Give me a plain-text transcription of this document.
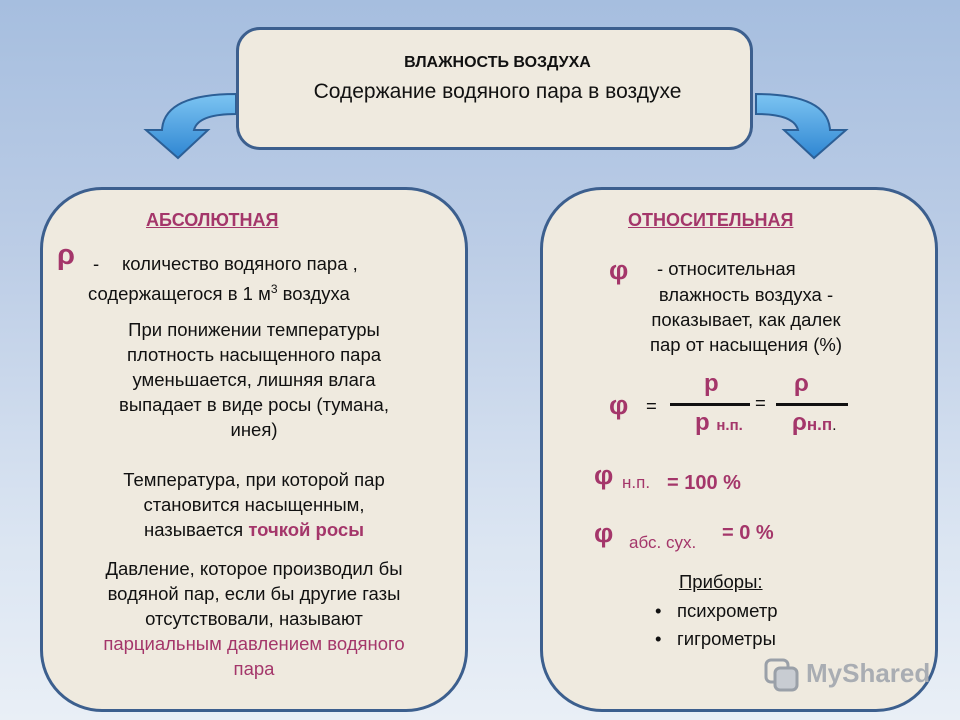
ВЛАЖНОСТЬ ВОЗДУХА
Содержание водяного пара в воздухе
АБСОЛЮТНАЯ
ρ - количество водяного пара ,
содержащегося в 1 $м^3$ воздуха
При понижении температуры
плотность насыщенного пара
уменьшается, лишняя влага
выпадает в виде росы (тумана,
инея)
Температура, при которой пар
становится насыщенным,
называется точкой росы
Давление, которое производил бы
водяной пар, если бы другие газы
отсутствовали, называют
парциальным давлением водяного
пара
ОТНОСИТЕЛЬНАЯ
φ - относительная
влажность воздуха -
показывает, как далек
пар от насыщения (%)
φ =
p
p н.п.
=
ρ
ρн.п.
φ н.п. = 100 %
φ абс. сух. = 0 %
Приборы:
• психрометр
• гигрометры
MyShared
